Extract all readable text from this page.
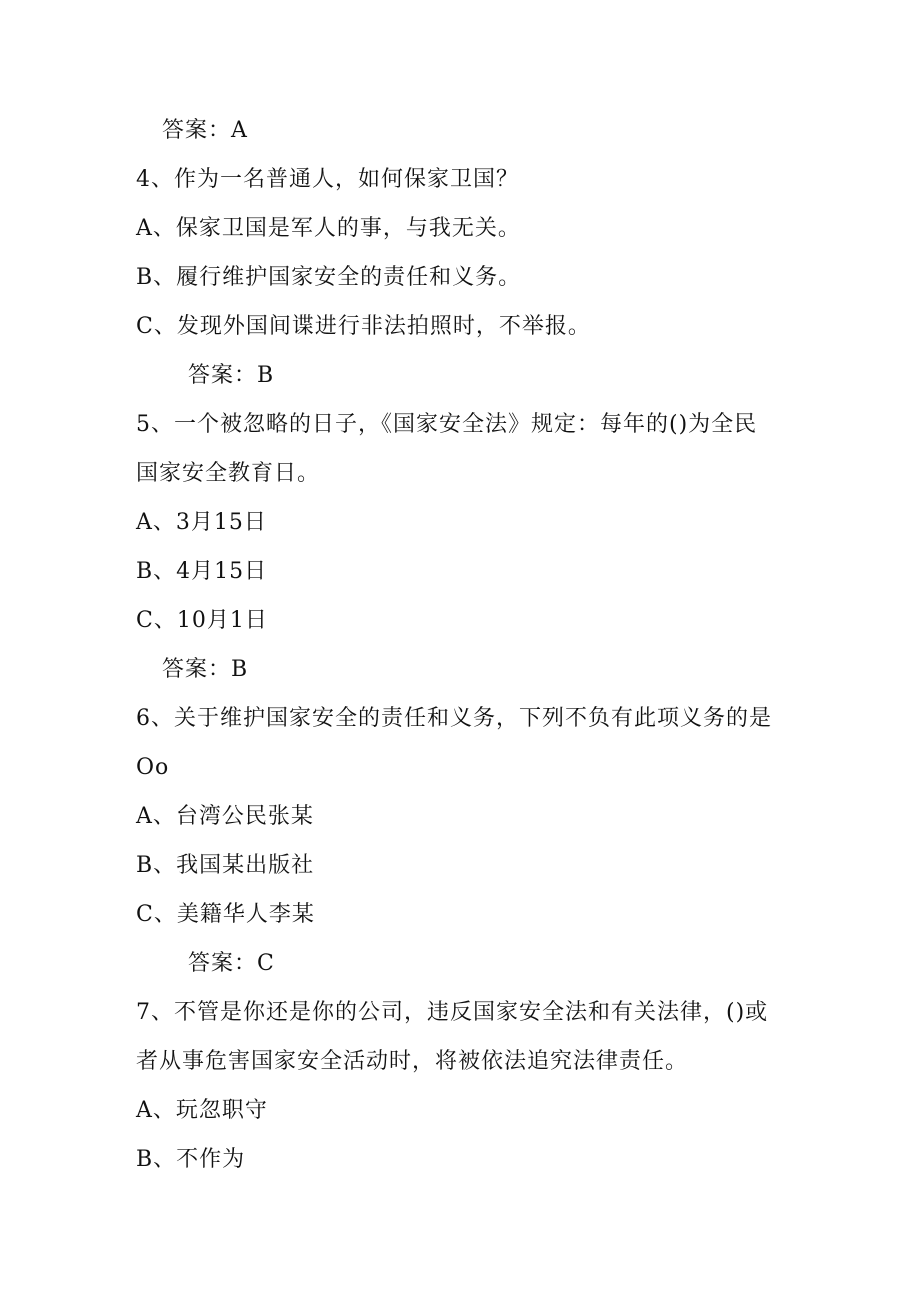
答案：A
4、作为一名普通人，如何保家卫国？
A、保家卫国是军人的事，与我无关。
B、履行维护国家安全的责任和义务。
C、发现外国间谍进行非法拍照时，不举报。
答案：B
5、一个被忽略的日子，《国家安全法》规定：每年的()为全民
国家安全教育日。
A、3月15日
B、4月15日
C、10月1日
答案：B
6、关于维护国家安全的责任和义务，下列不负有此项义务的是
Oo
A、台湾公民张某
B、我国某出版社
C、美籍华人李某
答案：C
7、不管是你还是你的公司，违反国家安全法和有关法律，()或
者从事危害国家安全活动时，将被依法追究法律责任。
A、玩忽职守
B、不作为
